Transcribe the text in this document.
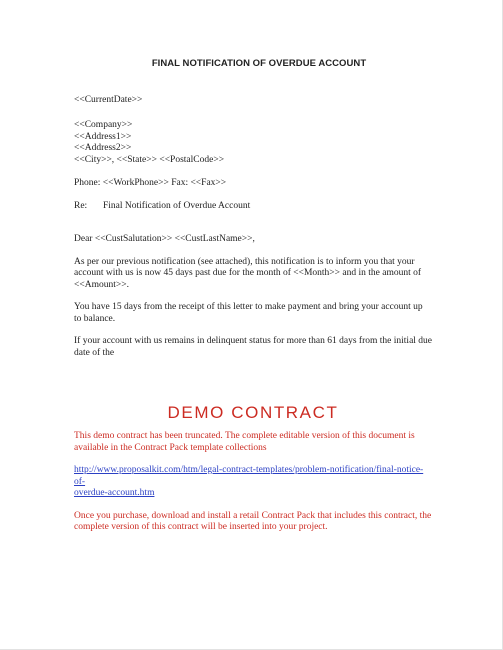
FINAL NOTIFICATION OF OVERDUE ACCOUNT

<<CurrentDate>>

<<Company>>

<<Address1>>

<<Address2>>

<<City>>, <<State>> <<PostalCode>>

Phone: <<WorkPhone>> Fax: <<Fax>>

Re:	Final Notification of Overdue Account

Dear <<CustSalutation>> <<CustLastName>>,

As per our previous notification (see attached), this notification is to inform you that your account with us is now 45 days past due for the month of <<Month>> and in the amount of <<Amount>>.

You have 15 days from the receipt of this letter to make payment and bring your account up to balance.

If your account with us remains in delinquent status for more than 61 days from the initial due date of the

DEMO CONTRACT

This demo contract has been truncated. The complete editable version of this document is available in the Contract Pack template collections

http://www.proposalkit.com/htm/legal-contract-templates/problem-notification/final-notice-of-
overdue-account.htm

Once you purchase, download and install a retail Contract Pack that includes this contract, the complete version of this contract will be inserted into your project.
